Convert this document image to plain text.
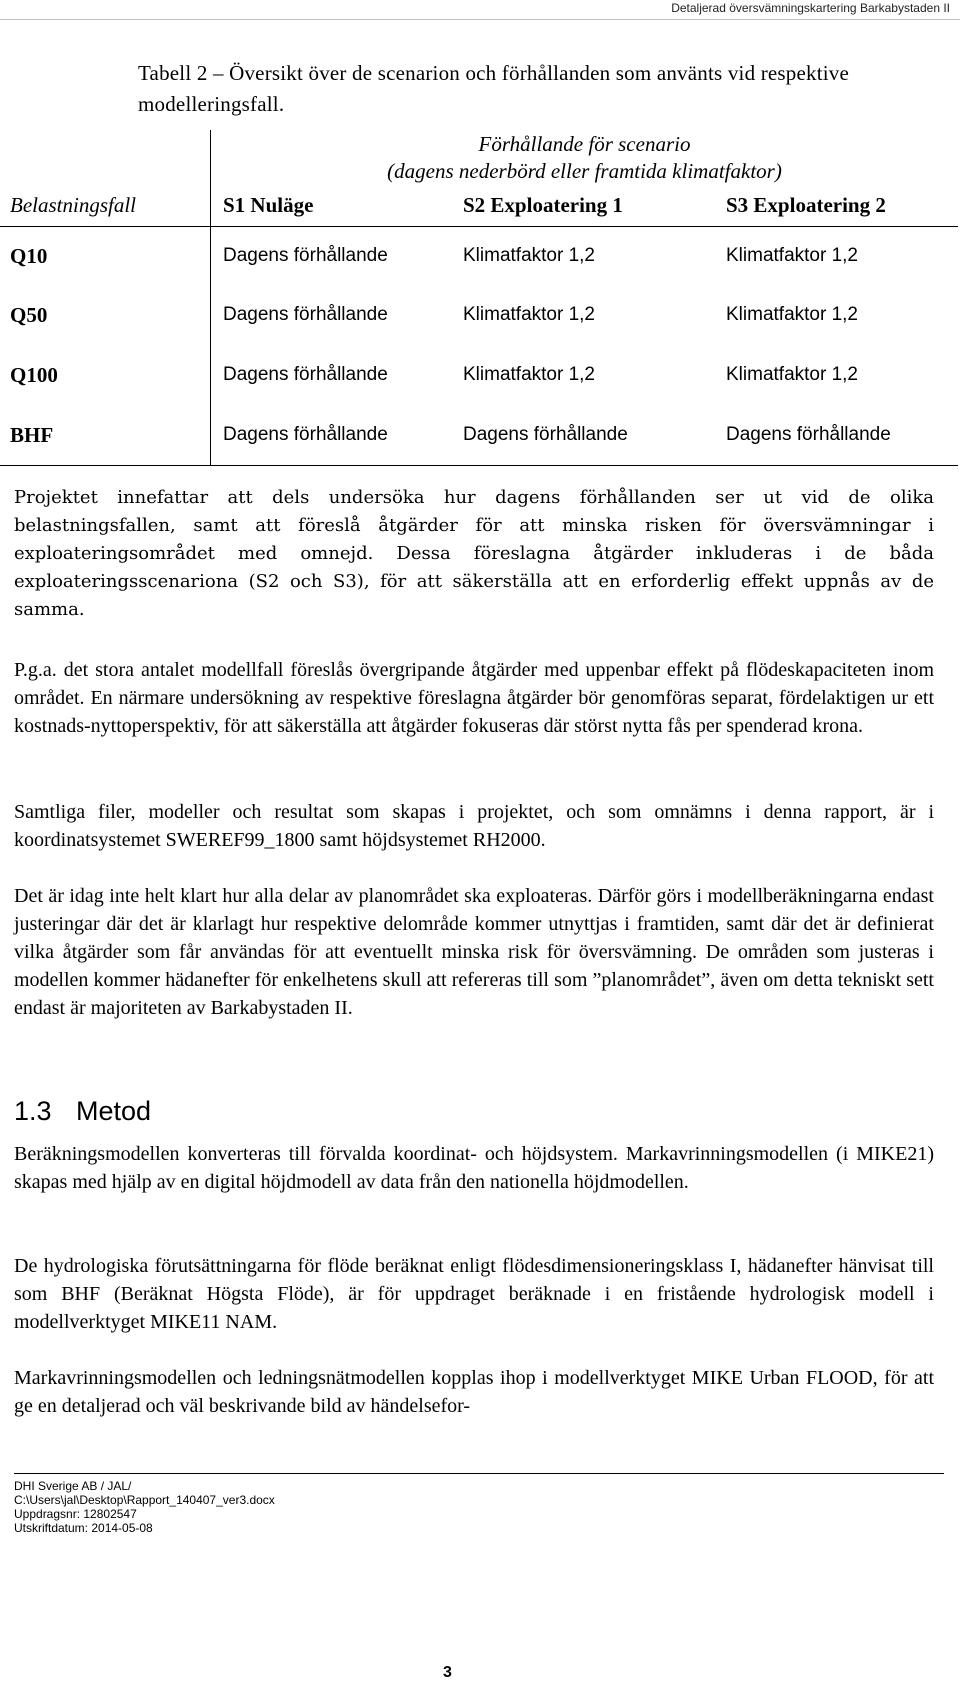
Detaljerad översvämningskartering Barkabystaden II
Tabell 2 – Översikt över de scenarion och förhållanden som använts vid respektive modelleringsfall.
	Förhållande för scenario		
	(dagens nederbörd eller framtida klimatfaktor)		
Belastningsfall	S1 Nuläge	S2 Exploatering 1	S3 Exploatering 2
Q10	Dagens förhållande	Klimatfaktor 1,2	Klimatfaktor 1,2
Q50	Dagens förhållande	Klimatfaktor 1,2	Klimatfaktor 1,2
Q100	Dagens förhållande	Klimatfaktor 1,2	Klimatfaktor 1,2
BHF	Dagens förhållande	Dagens förhållande	Dagens förhållande
Projektet innefattar att dels undersöka hur dagens förhållanden ser ut vid de olika belastningsfallen, samt att föreslå åtgärder för att minska risken för översvämningar i exploateringsområdet med omnejd. Dessa föreslagna åtgärder inkluderas i de båda exploateringsscenariona (S2 och S3), för att säkerställa att en erforderlig effekt uppnås av de samma.
P.g.a. det stora antalet modellfall föreslås övergripande åtgärder med uppenbar effekt på flödeskapaciteten inom området. En närmare undersökning av respektive föreslagna åtgärder bör genomföras separat, fördelaktigen ur ett kostnads-nyttoperspektiv, för att säkerställa att åtgärder fokuseras där störst nytta fås per spenderad krona.
Samtliga filer, modeller och resultat som skapas i projektet, och som omnämns i denna rapport, är i koordinatsystemet SWEREF99_1800 samt höjdsystemet RH2000.
Det är idag inte helt klart hur alla delar av planområdet ska exploateras. Därför görs i modellberäkningarna endast justeringar där det är klarlagt hur respektive delområde kommer utnyttjas i framtiden, samt där det är definierat vilka åtgärder som får användas för att eventuellt minska risk för översvämning. De områden som justeras i modellen kommer hädanefter för enkelhetens skull att refereras till som ”planområdet”, även om detta tekniskt sett endast är majoriteten av Barkabystaden II.
1.3 Metod
Beräkningsmodellen konverteras till förvalda koordinat- och höjdsystem. Markavrinningsmodellen (i MIKE21) skapas med hjälp av en digital höjdmodell av data från den nationella höjdmodellen.
De hydrologiska förutsättningarna för flöde beräknat enligt flödesdimensioneringsklass I, hädanefter hänvisat till som BHF (Beräknat Högsta Flöde), är för uppdraget beräknade i en fristående hydrologisk modell i modellverktyget MIKE11 NAM.
Markavrinningsmodellen och ledningsnätmodellen kopplas ihop i modellverktyget MIKE Urban FLOOD, för att ge en detaljerad och väl beskrivande bild av händelsefor-
DHI Sverige AB / JAL/
C:\Users\jal\Desktop\Rapport_140407_ver3.docx
Uppdragsnr: 12802547
Utskriftdatum: 2014-05-08
3
